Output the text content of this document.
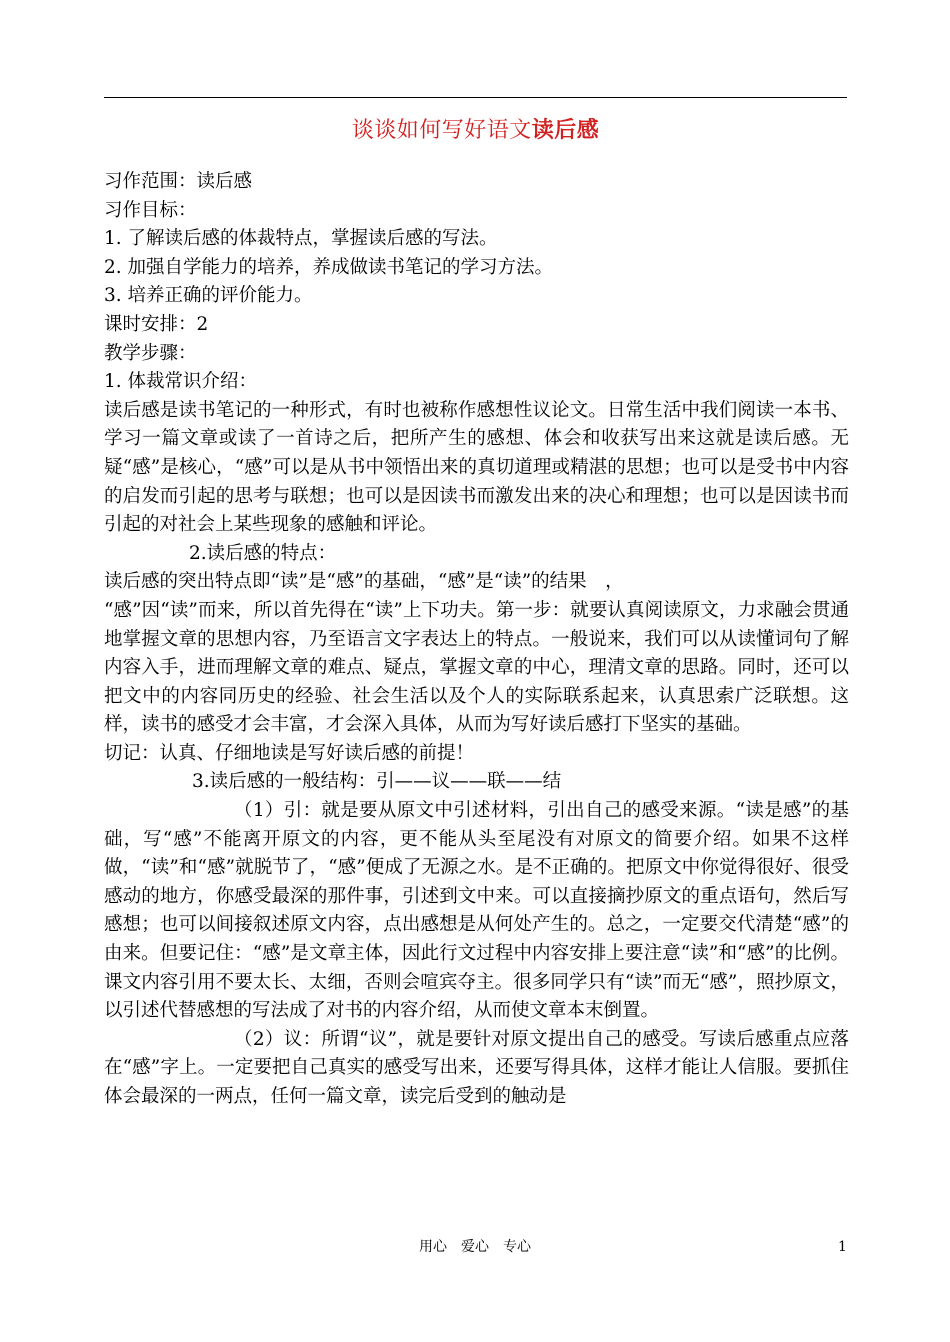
谈谈如何写好语文读后感

习作范围：读后感

习作目标：

1. 了解读后感的体裁特点，掌握读后感的写法。

2. 加强自学能力的培养，养成做读书笔记的学习方法。

3. 培养正确的评价能力。

课时安排：2

教学步骤：

1. 体裁常识介绍：

读后感是读书笔记的一种形式，有时也被称作感想性议论文。日常生活中我们阅读一本书、学习一篇文章或读了一首诗之后，把所产生的感想、体会和收获写出来这就是读后感。无疑“感”是核心，“感”可以是从书中领悟出来的真切道理或精湛的思想；也可以是受书中内容的启发而引起的思考与联想；也可以是因读书而激发出来的决心和理想；也可以是因读书而引起的对社会上某些现象的感触和评论。

2.读后感的特点：

读后感的突出特点即“读”是“感”的基础，“感”是“读”的结果　，

“感”因“读”而来，所以首先得在“读”上下功夫。第一步：就要认真阅读原文，力求融会贯通地掌握文章的思想内容，乃至语言文字表达上的特点。一般说来，我们可以从读懂词句了解内容入手，进而理解文章的难点、疑点，掌握文章的中心，理清文章的思路。同时，还可以把文中的内容同历史的经验、社会生活以及个人的实际联系起来，认真思索广泛联想。这样，读书的感受才会丰富，才会深入具体，从而为写好读后感打下坚实的基础。

切记：认真、仔细地读是写好读后感的前提！

3.读后感的一般结构：引——议——联——结

（1）引：就是要从原文中引述材料，引出自己的感受来源。“读是感”的基础，写“感”不能离开原文的内容，更不能从头至尾没有对原文的简要介绍。如果不这样做，“读”和“感”就脱节了，“感”便成了无源之水。是不正确的。把原文中你觉得很好、很受感动的地方，你感受最深的那件事，引述到文中来。可以直接摘抄原文的重点语句，然后写感想；也可以间接叙述原文内容，点出感想是从何处产生的。总之，一定要交代清楚“感”的由来。但要记住：“感”是文章主体，因此行文过程中内容安排上要注意“读”和“感”的比例。课文内容引用不要太长、太细，否则会喧宾夺主。很多同学只有“读”而无“感”，照抄原文，以引述代替感想的写法成了对书的内容介绍，从而使文章本末倒置。

（2）议：所谓“议”，就是要针对原文提出自己的感受。写读后感重点应落在“感”字上。一定要把自己真实的感受写出来，还要写得具体，这样才能让人信服。要抓住体会最深的一两点，任何一篇文章，读完后受到的触动是

用心　爱心　专心	1
